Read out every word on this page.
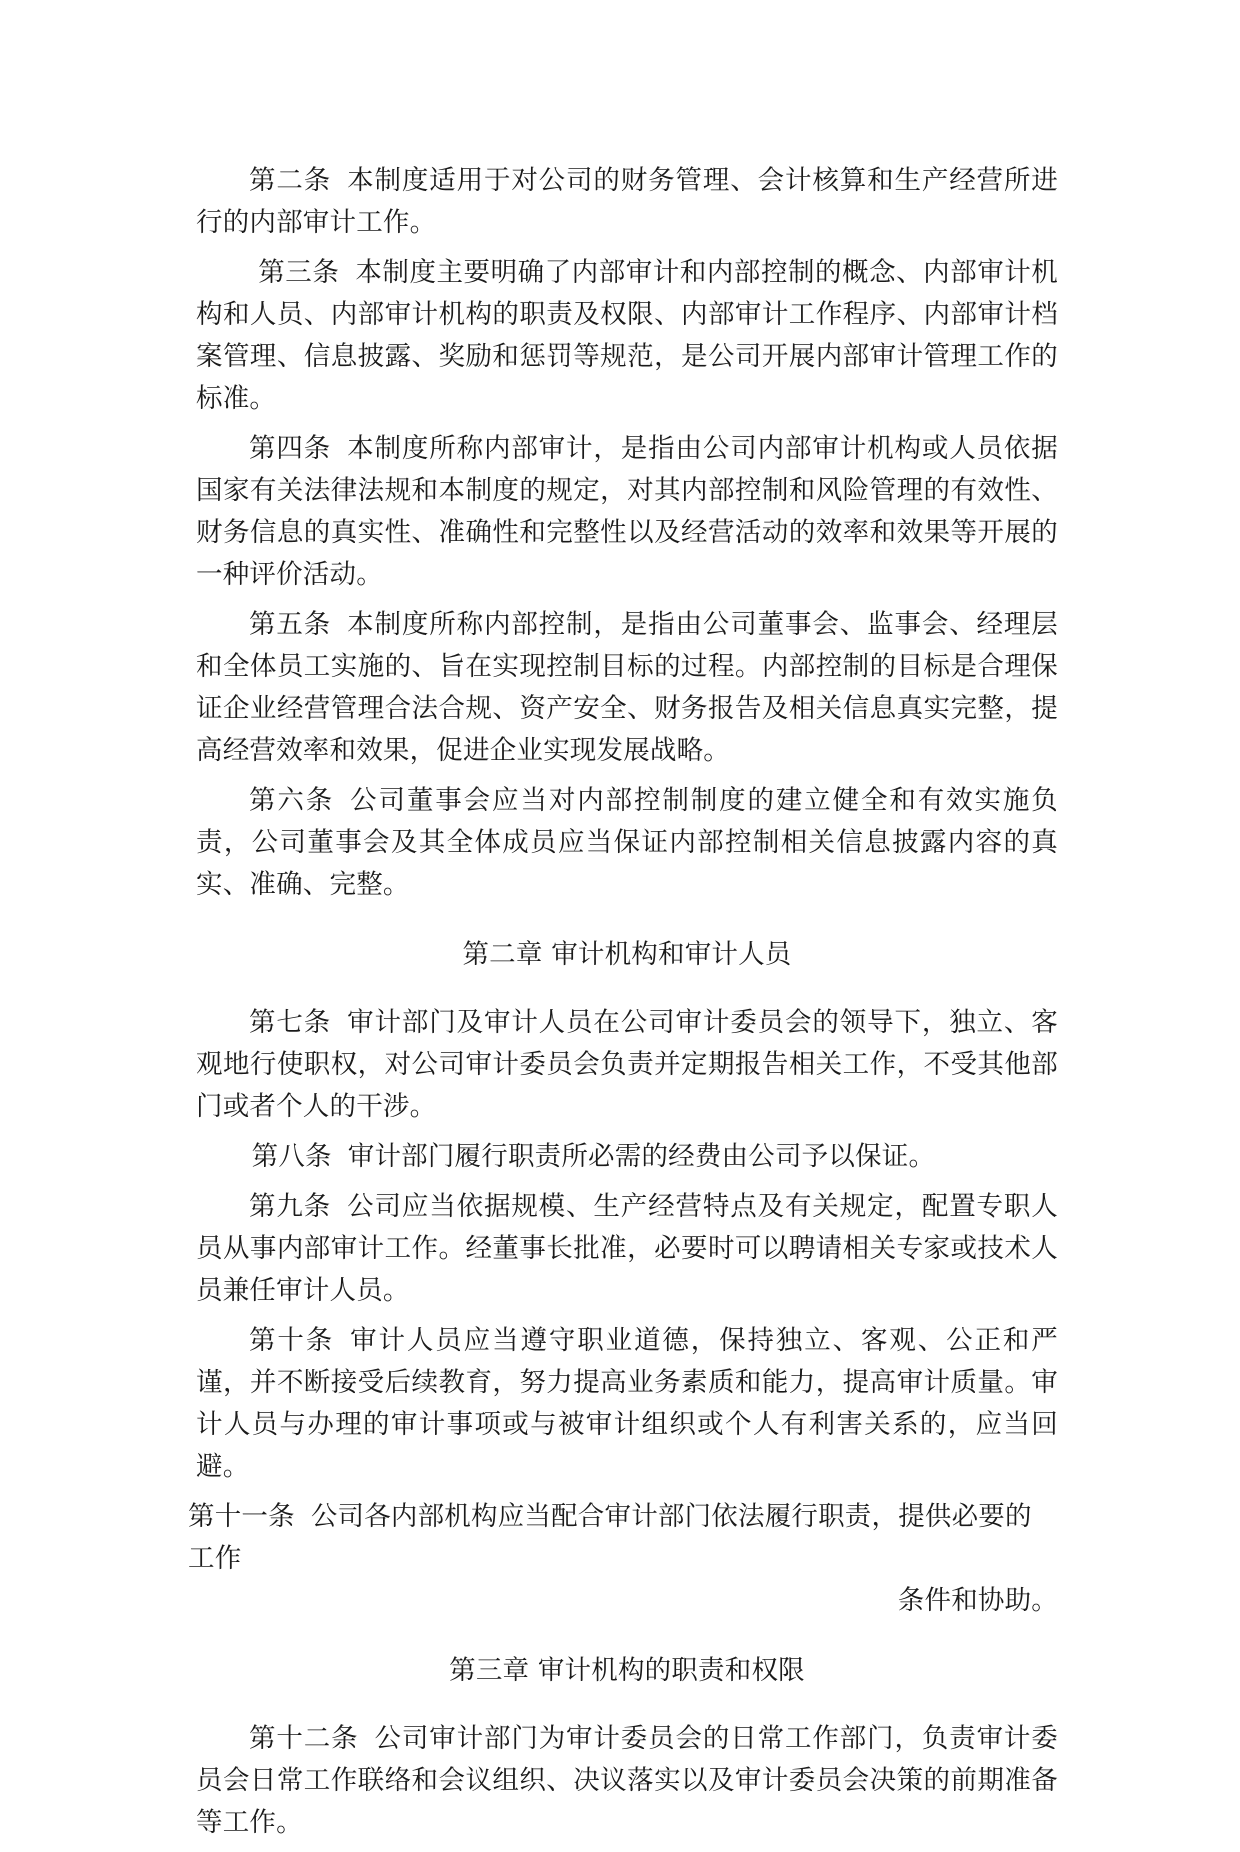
第二条 本制度适用于对公司的财务管理、会计核算和生产经营所进行的内部审计工作。

第三条 本制度主要明确了内部审计和内部控制的概念、内部审计机构和人员、内部审计机构的职责及权限、内部审计工作程序、内部审计档案管理、信息披露、奖励和惩罚等规范，是公司开展内部审计管理工作的标准。

第四条 本制度所称内部审计，是指由公司内部审计机构或人员依据国家有关法律法规和本制度的规定，对其内部控制和风险管理的有效性、财务信息的真实性、准确性和完整性以及经营活动的效率和效果等开展的一种评价活动。

第五条 本制度所称内部控制，是指由公司董事会、监事会、经理层和全体员工实施的、旨在实现控制目标的过程。内部控制的目标是合理保证企业经营管理合法合规、资产安全、财务报告及相关信息真实完整，提高经营效率和效果，促进企业实现发展战略。

第六条 公司董事会应当对内部控制制度的建立健全和有效实施负责，公司董事会及其全体成员应当保证内部控制相关信息披露内容的真实、准确、完整。

第二章 审计机构和审计人员

第七条 审计部门及审计人员在公司审计委员会的领导下，独立、客观地行使职权，对公司审计委员会负责并定期报告相关工作，不受其他部门或者个人的干涉。

第八条 审计部门履行职责所必需的经费由公司予以保证。

第九条 公司应当依据规模、生产经营特点及有关规定，配置专职人员从事内部审计工作。经董事长批准，必要时可以聘请相关专家或技术人员兼任审计人员。

第十条 审计人员应当遵守职业道德，保持独立、客观、公正和严谨，并不断接受后续教育，努力提高业务素质和能力，提高审计质量。审计人员与办理的审计事项或与被审计组织或个人有利害关系的，应当回避。

第十一条 公司各内部机构应当配合审计部门依法履行职责，提供必要的工作
条件和协助。

第三章 审计机构的职责和权限

第十二条 公司审计部门为审计委员会的日常工作部门，负责审计委员会日常工作联络和会议组织、决议落实以及审计委员会决策的前期准备等工作。
